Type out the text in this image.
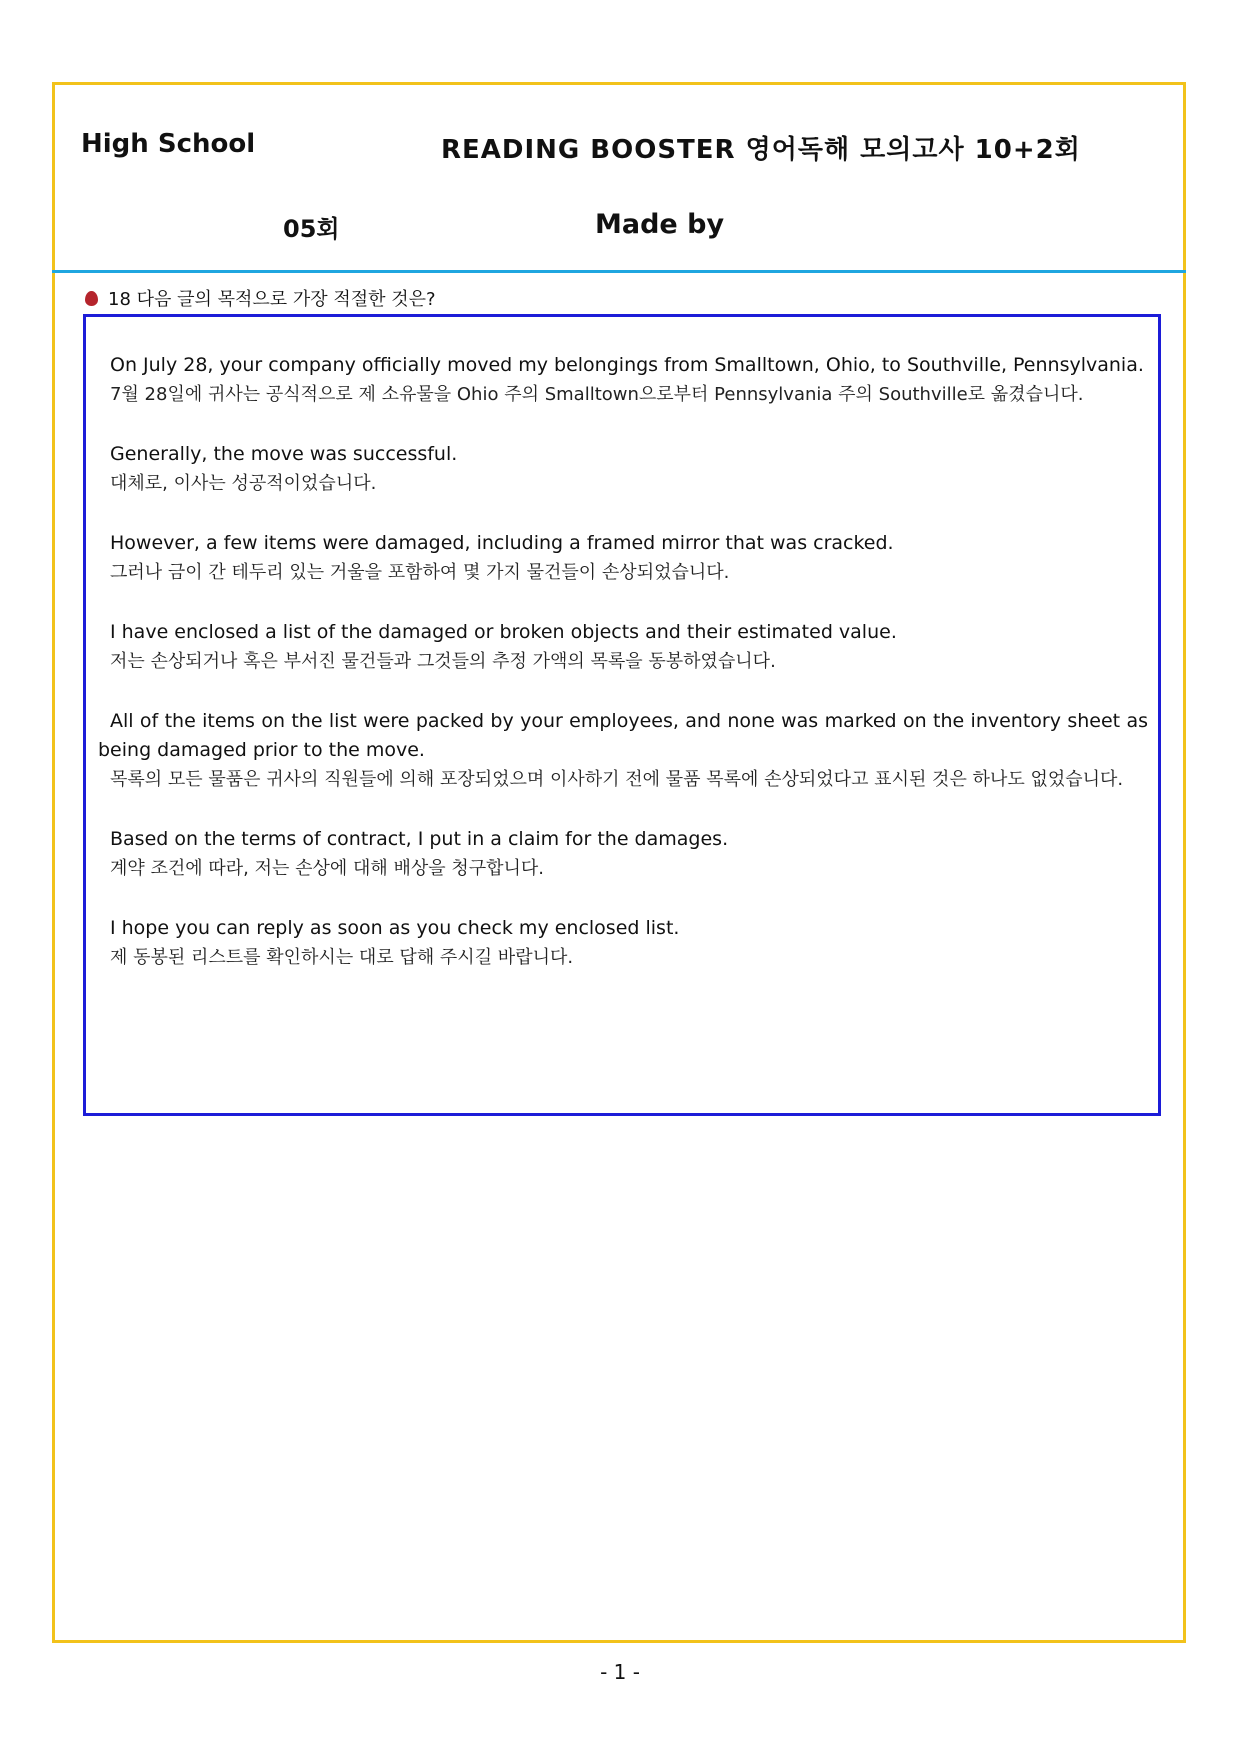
High School	READING BOOSTER 영어독해 모의고사 10+2회
05회	Made by
18 다음 글의 목적으로 가장 적절한 것은?
On July 28, your company officially moved my belongings from Smalltown, Ohio, to Southville, Pennsylvania.
7월 28일에 귀사는 공식적으로 제 소유물을 Ohio 주의 Smalltown으로부터 Pennsylvania 주의 Southville로 옮겼습니다.
Generally, the move was successful.
대체로, 이사는 성공적이었습니다.
However, a few items were damaged, including a framed mirror that was cracked.
그러나 금이 간 테두리 있는 거울을 포함하여 몇 가지 물건들이 손상되었습니다.
I have enclosed a list of the damaged or broken objects and their estimated value.
저는 손상되거나 혹은 부서진 물건들과 그것들의 추정 가액의 목록을 동봉하였습니다.
All of the items on the list were packed by your employees, and none was marked on the inventory sheet as being damaged prior to the move.
목록의 모든 물품은 귀사의 직원들에 의해 포장되었으며 이사하기 전에 물품 목록에 손상되었다고 표시된 것은 하나도 없었습니다.
Based on the terms of contract, I put in a claim for the damages.
계약 조건에 따라, 저는 손상에 대해 배상을 청구합니다.
I hope you can reply as soon as you check my enclosed list.
제 동봉된 리스트를 확인하시는 대로 답해 주시길 바랍니다.
- 1 -
